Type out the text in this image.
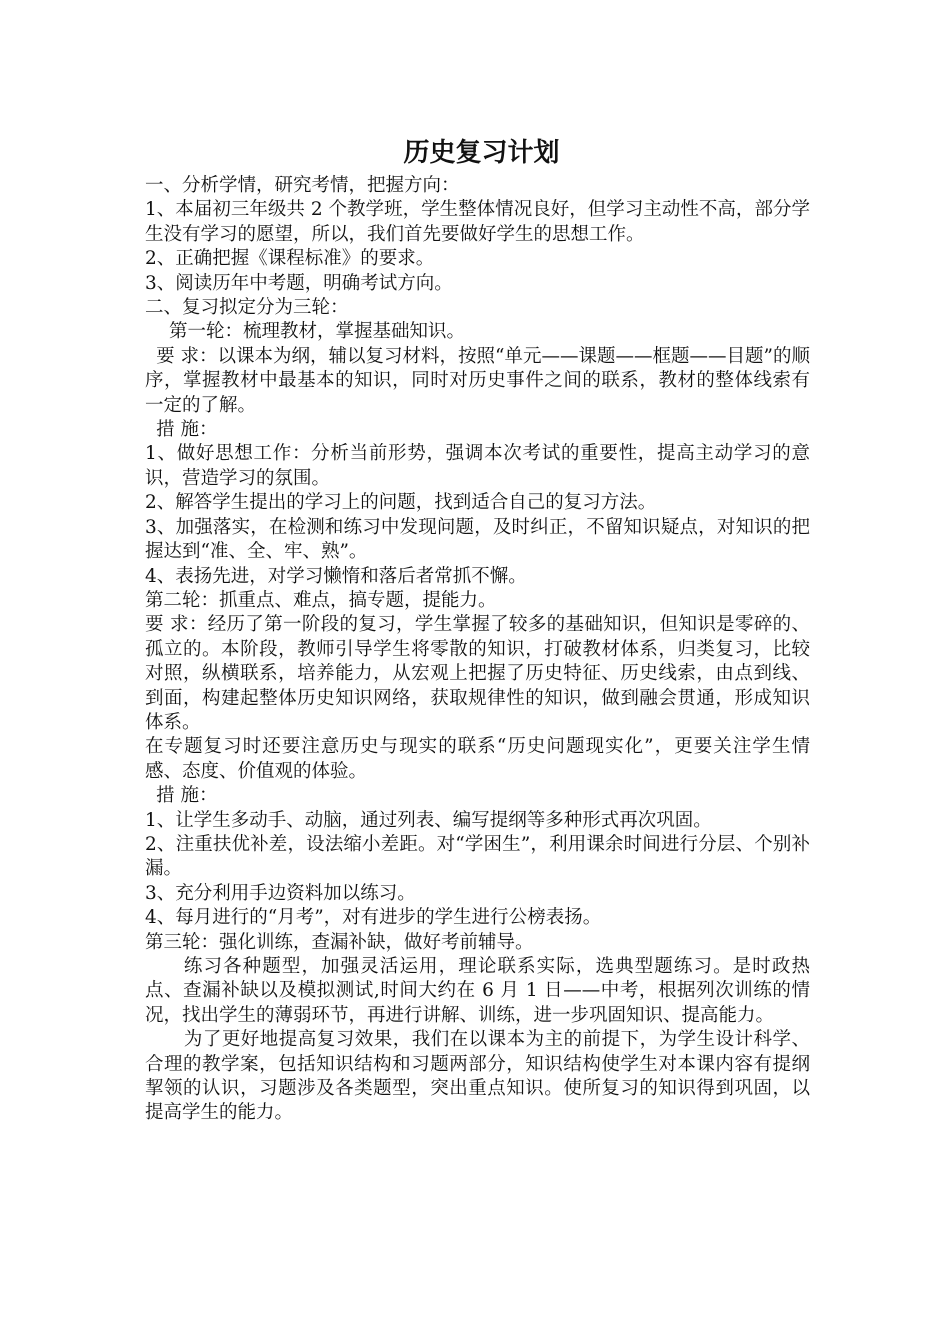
历史复习计划

一、分析学情，研究考情，把握方向：

1、本届初三年级共 2 个教学班，学生整体情况良好，但学习主动性不高，部分学生没有学习的愿望，所以，我们首先要做好学生的思想工作。

2、正确把握《课程标准》的要求。

3、阅读历年中考题，明确考试方向。

二、复习拟定分为三轮：

第一轮：梳理教材，掌握基础知识。

要 求：以课本为纲，辅以复习材料，按照“单元——课题——框题——目题”的顺序，掌握教材中最基本的知识，同时对历史事件之间的联系，教材的整体线索有一定的了解。

措 施：

1、做好思想工作：分析当前形势，强调本次考试的重要性，提高主动学习的意识，营造学习的氛围。

2、解答学生提出的学习上的问题，找到适合自己的复习方法。

3、加强落实，在检测和练习中发现问题，及时纠正，不留知识疑点，对知识的把握达到“准、全、牢、熟”。

4、表扬先进，对学习懒惰和落后者常抓不懈。

第二轮：抓重点、难点，搞专题，提能力。

要 求：经历了第一阶段的复习，学生掌握了较多的基础知识，但知识是零碎的、孤立的。本阶段，教师引导学生将零散的知识，打破教材体系，归类复习，比较对照，纵横联系，培养能力，从宏观上把握了历史特征、历史线索，由点到线、到面，构建起整体历史知识网络，获取规律性的知识，做到融会贯通，形成知识体系。

在专题复习时还要注意历史与现实的联系“历史问题现实化”，更要关注学生情感、态度、价值观的体验。

措 施：

1、让学生多动手、动脑，通过列表、编写提纲等多种形式再次巩固。

2、注重扶优补差，设法缩小差距。对“学困生”，利用课余时间进行分层、个别补漏。

3、充分利用手边资料加以练习。

4、每月进行的“月考”，对有进步的学生进行公榜表扬。

第三轮：强化训练，查漏补缺，做好考前辅导。

练习各种题型，加强灵活运用，理论联系实际，选典型题练习。是时政热点、查漏补缺以及模拟测试,时间大约在 6 月 1 日——中考，根据列次训练的情况，找出学生的薄弱环节，再进行讲解、训练，进一步巩固知识、提高能力。

为了更好地提高复习效果，我们在以课本为主的前提下，为学生设计科学、合理的教学案，包括知识结构和习题两部分，知识结构使学生对本课内容有提纲挈领的认识，习题涉及各类题型，突出重点知识。使所复习的知识得到巩固，以提高学生的能力。
